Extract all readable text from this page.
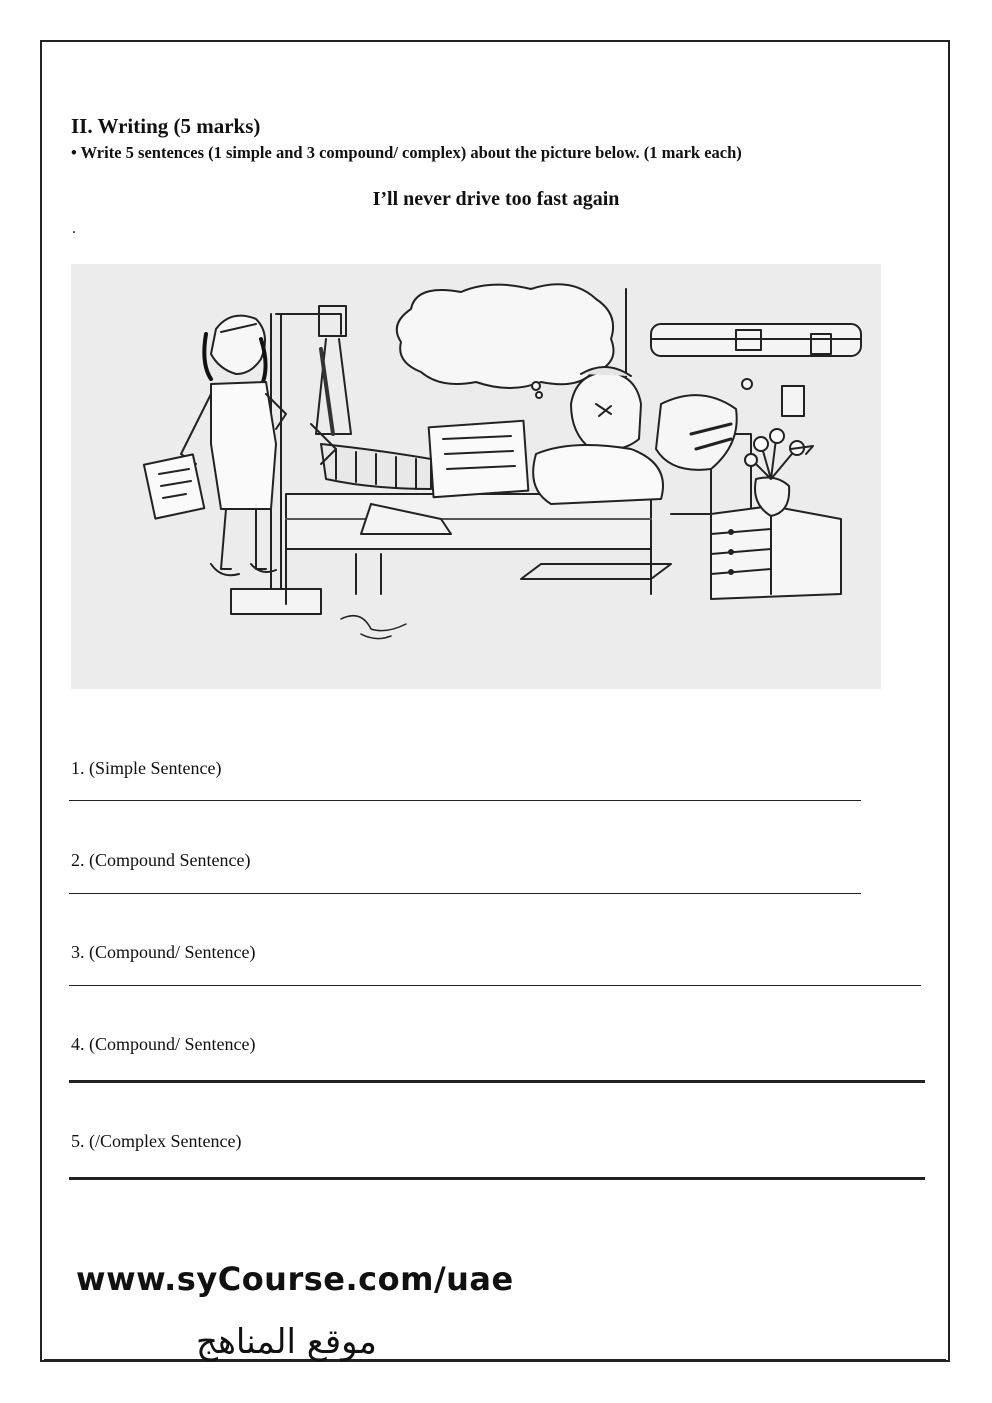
II. Writing (5 marks)
• Write 5 sentences (1 simple and 3 compound/ complex) about the picture below. (1 mark each)
I’ll never drive too fast again
.
1. (Simple Sentence)
2. (Compound Sentence)
3. (Compound/ Sentence)
4. (Compound/ Sentence)
5. (/Complex Sentence)
www.syCourse.com/uae
موقع المناهج
